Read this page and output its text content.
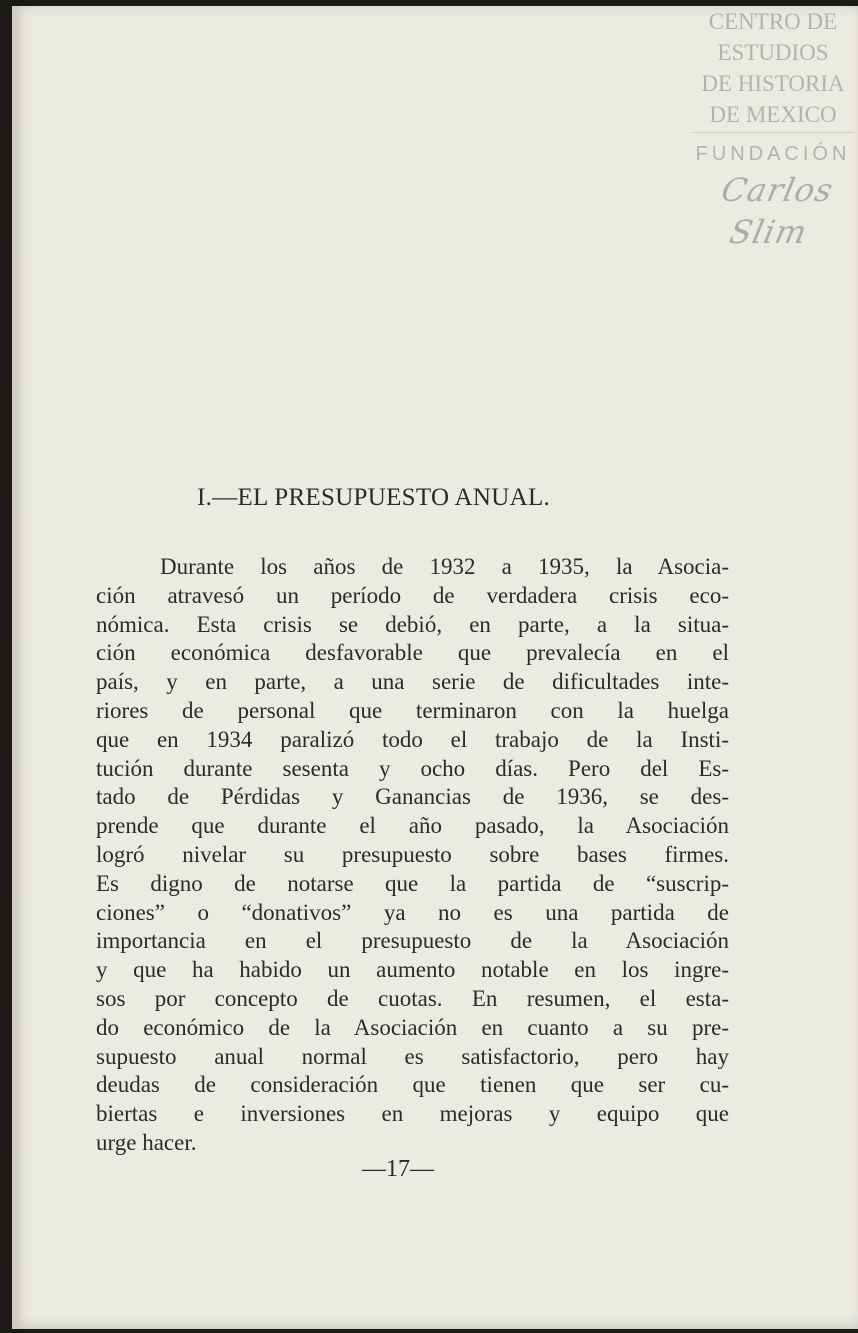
CENTRO DE
ESTUDIOS
DE HISTORIA
DE MEXICO
FUNDACIÓN
Carlos Slim
I.—EL PRESUPUESTO ANUAL.
Durante los años de 1932 a 1935, la Asocia-
ción atravesó un período de verdadera crisis eco-
nómica. Esta crisis se debió, en parte, a la situa-
ción económica desfavorable que prevalecía en el
país, y en parte, a una serie de dificultades inte-
riores de personal que terminaron con la huelga
que en 1934 paralizó todo el trabajo de la Insti-
tución durante sesenta y ocho días. Pero del Es-
tado de Pérdidas y Ganancias de 1936, se des-
prende que durante el año pasado, la Asociación
logró nivelar su presupuesto sobre bases firmes.
Es digno de notarse que la partida de “suscrip-
ciones” o “donativos” ya no es una partida de
importancia en el presupuesto de la Asociación
y que ha habido un aumento notable en los ingre-
sos por concepto de cuotas. En resumen, el esta-
do económico de la Asociación en cuanto a su pre-
supuesto anual normal es satisfactorio, pero hay
deudas de consideración que tienen que ser cu-
biertas e inversiones en mejoras y equipo que
urge hacer.
—17—
